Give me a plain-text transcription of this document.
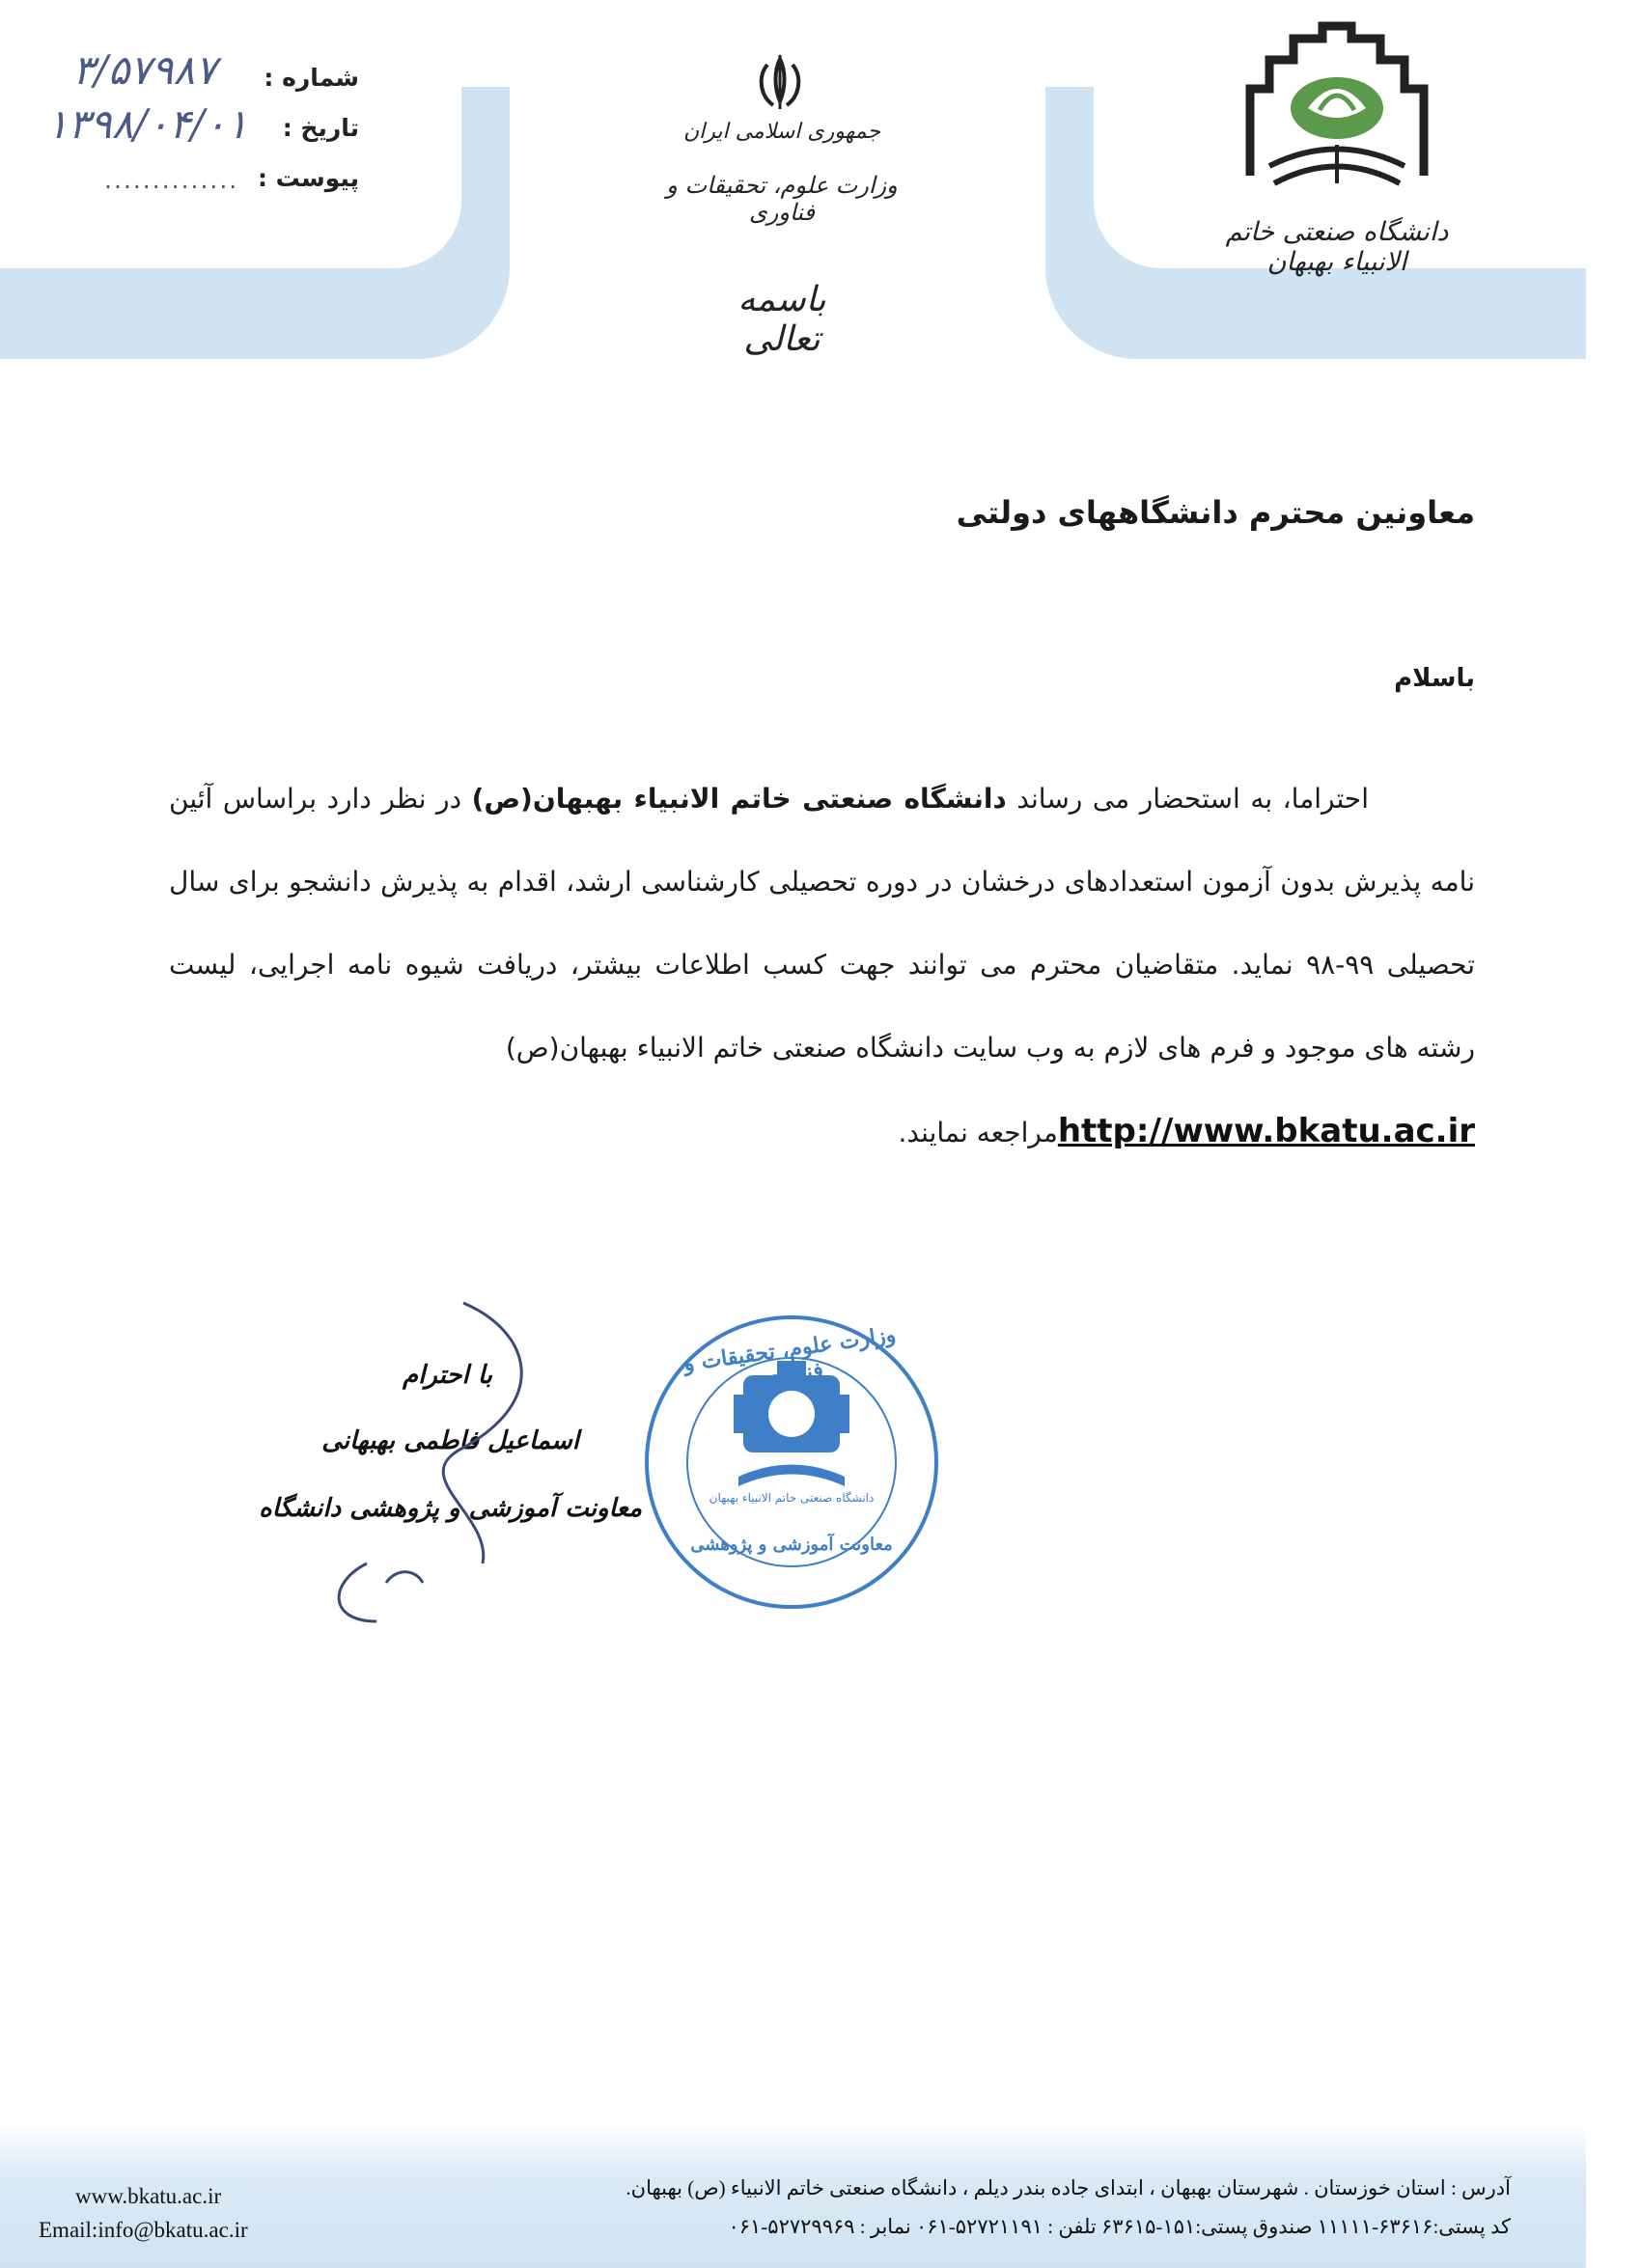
شماره :
۳/۵۷۹۸۷
تاریخ :
۱۳۹۸/۰۴/۰۱
پیوست :
..............
جمهوری اسلامی ایران
وزارت علوم، تحقیقات و فناوری
باسمه تعالی
دانشگاه صنعتی خاتم الانبیاء بهبهان
معاونین محترم دانشگاههای دولتی
باسلام
احتراما، به استحضار می رساند دانشگاه صنعتی خاتم الانبیاء بهبهان(ص) در نظر دارد براساس آئین نامه پذیرش بدون آزمون استعدادهای درخشان در دوره تحصیلی کارشناسی ارشد، اقدام به پذیرش دانشجو برای سال تحصیلی ۹۹-۹۸ نماید. متقاضیان محترم می توانند جهت کسب اطلاعات بیشتر، دریافت شیوه نامه اجرایی، لیست رشته های موجود و فرم های لازم به وب سایت دانشگاه صنعتی خاتم الانبیاء بهبهان(ص)
http://www.bkatu.ac.irمراجعه نمایند.
با احترام
اسماعیل فاطمی بهبهانی
معاونت آموزشی و پژوهشی دانشگاه
وزارت علوم، تحقیقات و فناوری
دانشگاه صنعتی خاتم الانبیاء بهبهان
معاونت آموزشی و پژوهشی
آدرس : استان خوزستان . شهرستان بهبهان ، ابتدای جاده بندر دیلم ، دانشگاه صنعتی خاتم الانبیاء (ص) بهبهان.
کد پستی:۶۳۶۱۶-۱۱۱۱۱ صندوق پستی:۱۵۱-۶۳۶۱۵ تلفن : ۵۲۷۲۱۱۹۱-۰۶۱ نمابر : ۵۲۷۲۹۹۶۹-۰۶۱
www.bkatu.ac.ir
Email:info@bkatu.ac.ir
